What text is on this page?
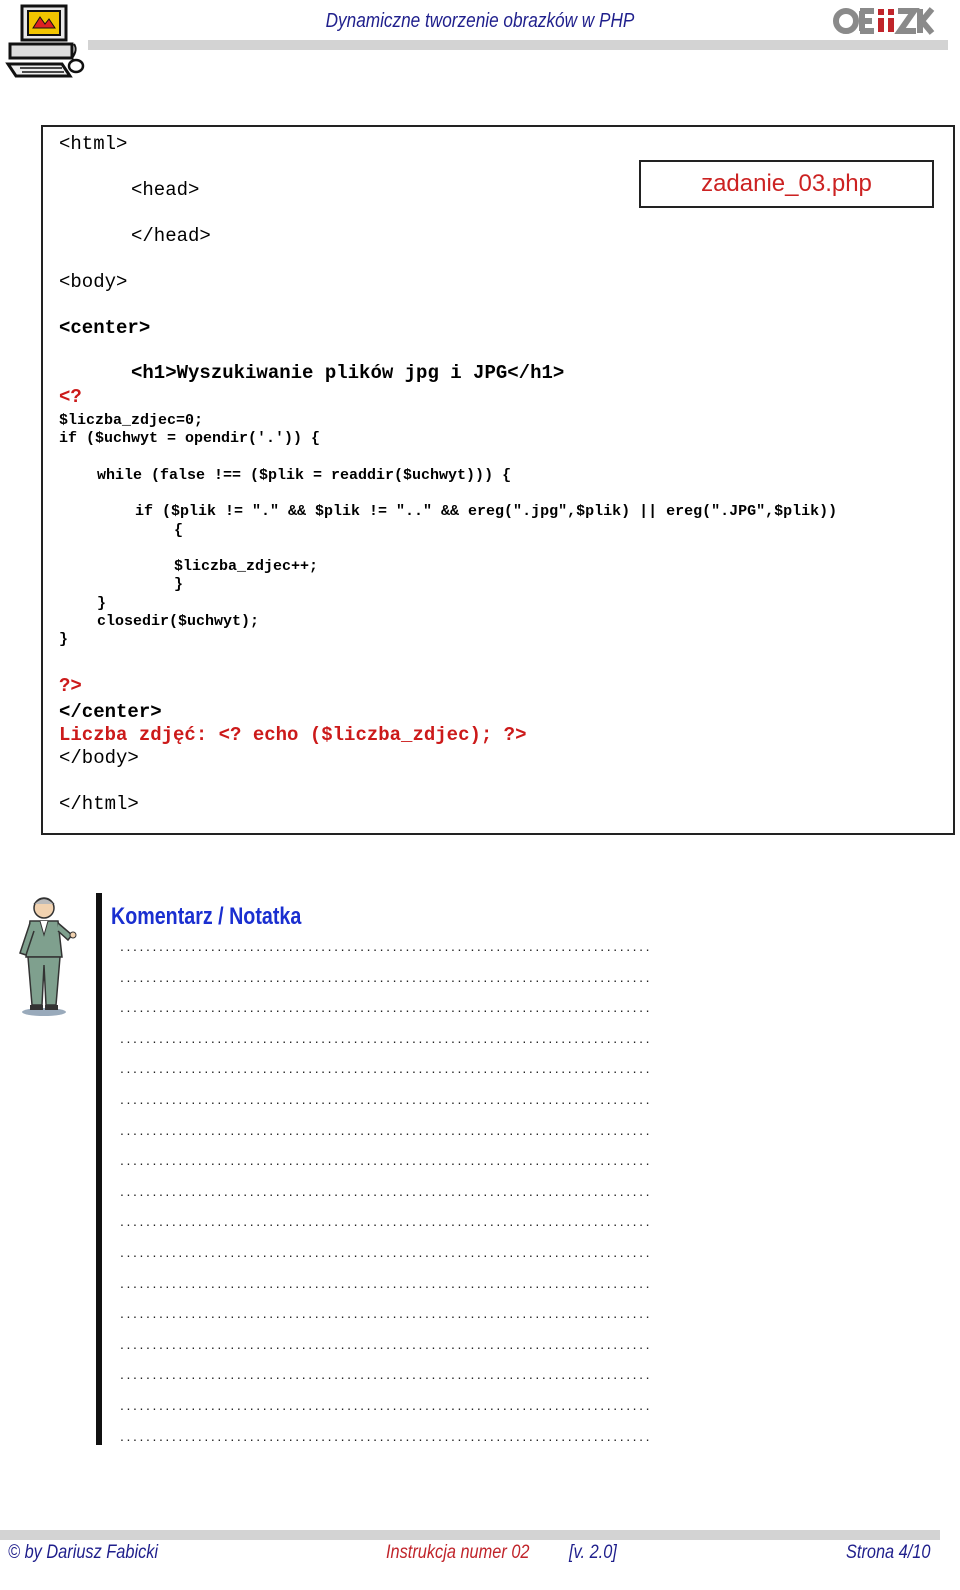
Dynamiczne tworzenie obrazków w PHP
zadanie_03.php
<html>
<head>
</head>
<body>
<center>
<h1>Wyszukiwanie plików jpg i JPG</h1>
<?
$liczba_zdjec=0;
if ($uchwyt = opendir('.')) {
while (false !== ($plik = readdir($uchwyt))) {
if ($plik != "." && $plik != ".." && ereg(".jpg",$plik) || ereg(".JPG",$plik))
{
$liczba_zdjec++;
}
}
closedir($uchwyt);
}
?>
</center>
Liczba zdjęć: <? echo ($liczba_zdjec); ?>
</body>
</html>
Komentarz / Notatka
..................................................................................
..................................................................................
..................................................................................
..................................................................................
..................................................................................
..................................................................................
..................................................................................
..................................................................................
..................................................................................
..................................................................................
..................................................................................
..................................................................................
..................................................................................
..................................................................................
..................................................................................
..................................................................................
..................................................................................
© by Dariusz Fabicki	Instrukcja numer 02 [v. 2.0]	Strona 4/10
